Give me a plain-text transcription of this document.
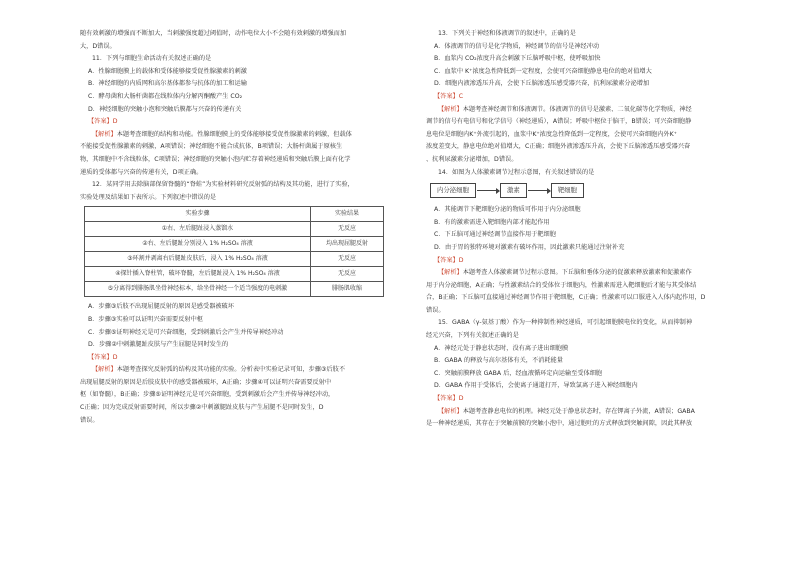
随有效刺激的增强而不断加大，当刺激强度超过阈值时，动作电位大小不会随有效刺激的增强而加

大，D错误。

11．下列与细胞生命活动有关叙述正确的是

A．性腺细胞膜上的载体和受体能够接受促性腺激素的刺激

B．神经细胞的内质网和高尔基体都参与抗体的加工和运输

C．酵母菌和大肠杆菌都在线粒体内分解丙酮酸产生 CO₂

D．神经细胞的突触小泡和突触后膜都与兴奋的传递有关

【答案】D

【解析】本题考查细胞的结构和功能。性腺细胞膜上的受体能够接受促性腺激素的刺激，但载体

不能接受促性腺激素的刺激，A项错误；神经细胞不能合成抗体，B项错误；大肠杆菌属于原核生

物，其细胞中不含线粒体，C项错误；神经细胞的突触小泡内贮存着神经递质和突触后膜上面有化学

递质的受体都与兴奋的传递有关，D项正确。

12．某同学用去除脑部保留脊髓的“脊蛙”为实验材料研究反射弧的结构及其功能，进行了实验，

实验处理及结果如下表所示。下列叙述中错误的是

实验步骤	实验结果
①右、左后腿趾浸入蒸馏水	无反应
②右、左后腿趾分别浸入 1% H₂SO₄ 溶液	均出现屈腿反射
③环割并剥离右后腿趾皮肤后，浸入 1% H₂SO₄ 溶液	无反应
④探针插入脊柱管，破坏脊髓，左后腿趾浸入 1% H₂SO₄ 溶液	无反应
⑤分离得到腓肠肌坐骨神经标本，给坐骨神经一个适当强度的电刺激	腓肠肌收缩

A．步骤③后肢不出现屈腿反射的原因是感受器被破坏

B．步骤③实验可以证明兴奋需要反射中枢

C．步骤⑤证明神经元是可兴奋细胞，受到刺激后会产生并传导神经冲动

D．步骤②中刺激腿趾皮肤与产生屈腿是同时发生的

【答案】D

【解析】本题考查探究反射弧的结构及其功能的实验。分析表中实验记录可知，步骤③后肢不

出现屈腿反射的原因是后肢皮肤中的感受器被破坏，A正确；步骤④可以证明兴奋需要反射中

枢（如脊髓），B正确；步骤⑤证明神经元是可兴奋细胞，受到刺激后会产生并传导神经冲动，

C正确；因为完成反射需要时间，所以步骤②中刺激腿趾皮肤与产生屈腿不是同时发生，D

错误。

13．下列关于神经和体液调节的叙述中，正确的是

A．体液调节的信号是化学物质，神经调节的信号是神经冲动

B．血浆内 CO₂浓度升高会刺激下丘脑呼吸中枢，使呼吸加快

C．血浆中 K⁺浓度急性降低到一定程度，会使可兴奋细胞静息电位的绝对值增大

D．细胞内液渗透压升高，会使下丘脑渗透压感受器兴奋，抗利尿激素分泌增加

【答案】C

【解析】本题考查神经调节和体液调节。体液调节的信号是激素、二氧化碳等化学物质，神经

调节的信号有电信号和化学信号（神经递质），A错误；呼吸中枢位于脑干，B错误；可兴奋细胞静

息电位是细胞内K⁺外流引起的，血浆中K⁺浓度急性降低到一定程度，会使可兴奋细胞内外K⁺

浓度差变大，静息电位绝对值增大，C正确；细胞外液渗透压升高，会使下丘脑渗透压感受器兴奋

、抗利尿激素分泌增加，D错误。

14．如图为人体激素调节过程示意图，有关叙述错误的是

内分泌细胞	激素	靶细胞

A．其能调节下靶细胞分泌的物质可作用于内分泌细胞

B．有的激素需进入靶细胞内部才能起作用

C．下丘脑可通过神经调节直接作用于靶细胞

D．由于胃的独特环境对激素有破坏作用，因此激素只能通过注射补充

【答案】D

【解析】本题考查人体激素调节过程示意图。下丘脑和垂体分泌的促激素释放激素和促激素作

用于内分泌细胞，A正确；与性激素结合的受体位于细胞内，性激素需进入靶细胞后才能与其受体结

合，B正确；下丘脑可直接通过神经调节作用于靶细胞，C正确；性激素可以口服进入人体内起作用，D

错误。

15．GABA（γ-氨基丁酸）作为一种抑制性神经递质，可引起细胞膜电位的变化，从而抑制神

经元兴奋，下列有关叙述正确的是

A．神经元处于静息状态时，没有离子进出细胞膜

B．GABA 的释放与高尔基体有关，不消耗能量

C．突触前膜释放 GABA 后，经血液循环定向运输至受体细胞

D．GABA 作用于受体后，会使离子通道打开，导致氯离子进入神经细胞内

【答案】D

【解析】本题考查静息电位的机理。神经元处于静息状态时，存在钾离子外流，A错误；GABA

是一种神经递质，其存在于突触前膜的突触小泡中，通过胞吐的方式释放到突触间隙，因此其释放
